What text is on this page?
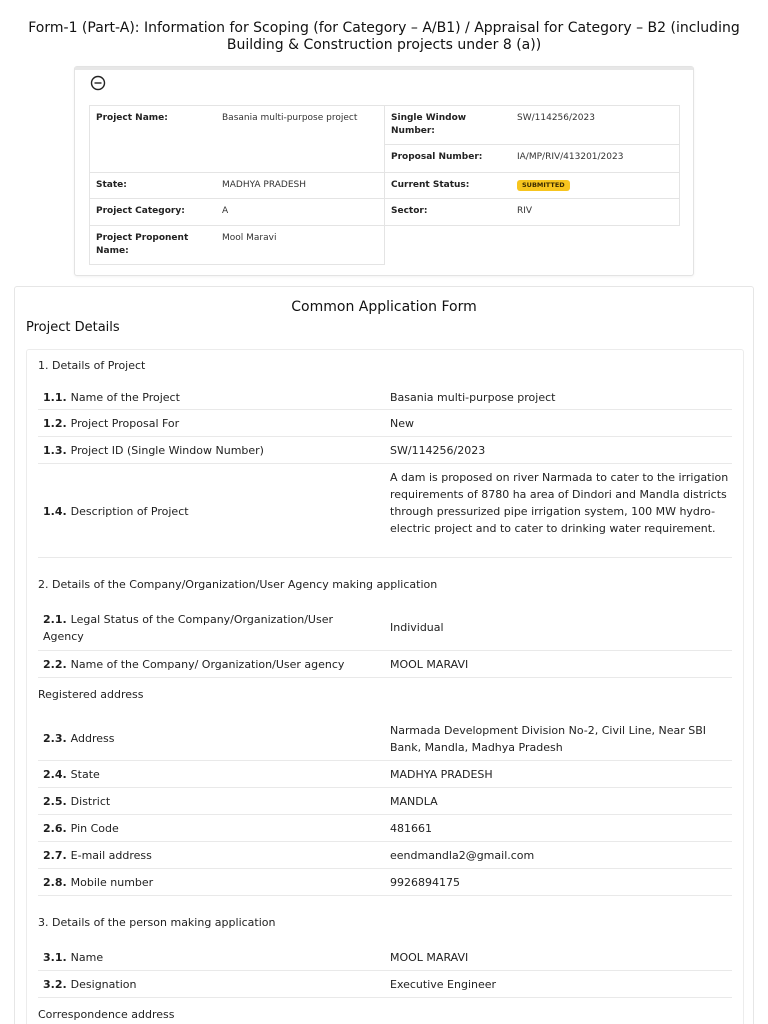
Form-1 (Part-A): Information for Scoping (for Category – A/B1) / Appraisal for Category – B2 (including Building & Construction projects under 8 (a))
Project Name:	Basania multi-purpose project	Single Window Number:
SW/114256/2023
Proposal Number:	IA/MP/RIV/413201/2023
State:	MADHYA PRADESH	Current Status:	SUBMITTED
Project Category:	A	Sector:	RIV
Project Proponent Name:
Mool Maravi
Common Application Form
Project Details
1. Details of Project
1.1. Name of the Project	Basania multi-purpose project
1.2. Project Proposal For	New
1.3. Project ID (Single Window Number)	SW/114256/2023
1.4. Description of Project
A dam is proposed on river Narmada to cater to the irrigation requirements of 8780 ha area of Dindori and Mandla districts through pressurized pipe irrigation system, 100 MW hydro-electric project and to cater to drinking water requirement.
2. Details of the Company/Organization/User Agency making application
2.1. Legal Status of the Company/Organization/User Agency
Individual
2.2. Name of the Company/ Organization/User agency	MOOL MARAVI
Registered address
2.3. Address
Narmada Development Division No-2, Civil Line, Near SBI Bank, Mandla, Madhya Pradesh
2.4. State	MADHYA PRADESH
2.5. District	MANDLA
2.6. Pin Code	481661
2.7. E-mail address	eendmandla2@gmail.com
2.8. Mobile number	9926894175
3. Details of the person making application
3.1. Name	MOOL MARAVI
3.2. Designation	Executive Engineer
Correspondence address
